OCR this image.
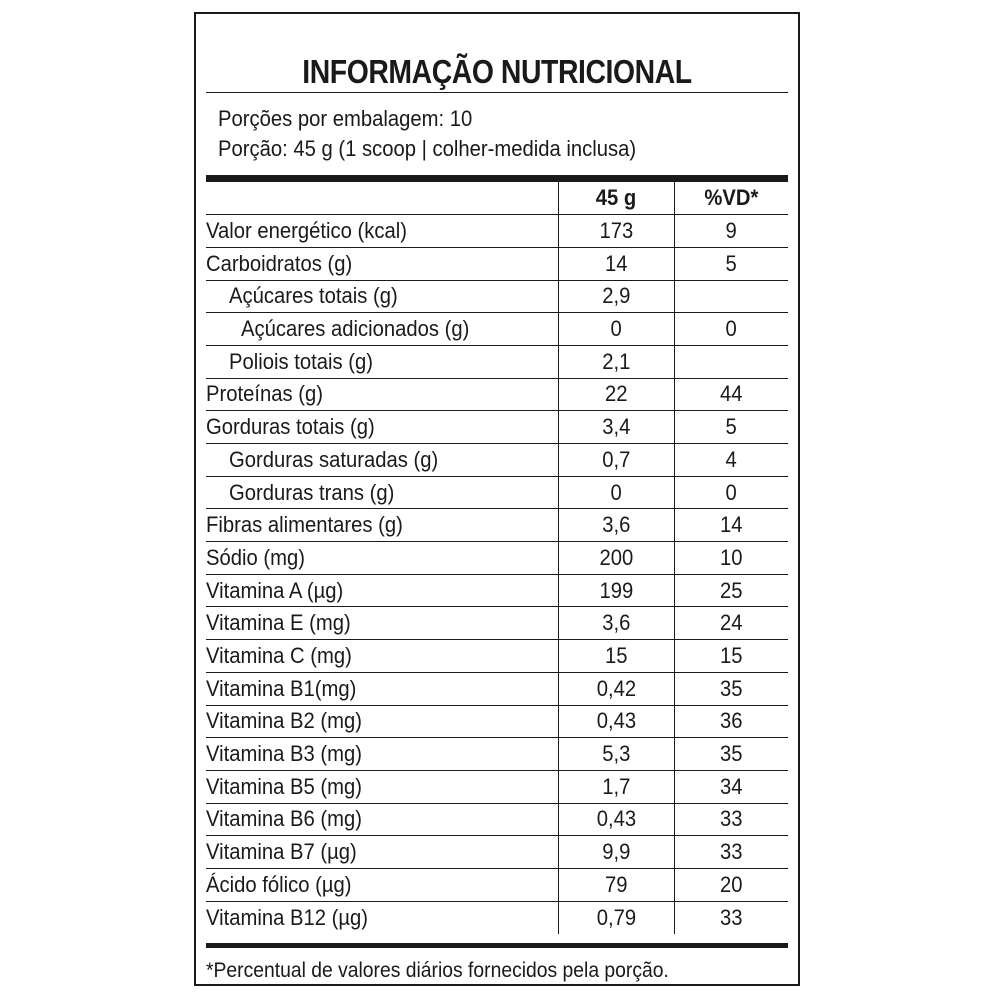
INFORMAÇÃO NUTRICIONAL
Porções por embalagem: 10
Porção: 45 g (1 scoop | colher-medida inclusa)
	45 g	%VD*
Valor energético (kcal)	173	9
Carboidratos (g)	14	5
Açúcares totais (g)	2,9	
Açúcares adicionados (g)	0	0
Poliois totais (g)	2,1	
Proteínas (g)	22	44
Gorduras totais (g)	3,4	5
Gorduras saturadas (g)	0,7	4
Gorduras trans (g)	0	0
Fibras alimentares (g)	3,6	14
Sódio (mg)	200	10
Vitamina A (µg)	199	25
Vitamina E (mg)	3,6	24
Vitamina C (mg)	15	15
Vitamina B1(mg)	0,42	35
Vitamina B2 (mg)	0,43	36
Vitamina B3 (mg)	5,3	35
Vitamina B5 (mg)	1,7	34
Vitamina B6 (mg)	0,43	33
Vitamina B7 (µg)	9,9	33
Ácido fólico (µg)	79	20
Vitamina B12 (µg)	0,79	33
*Percentual de valores diários fornecidos pela porção.
